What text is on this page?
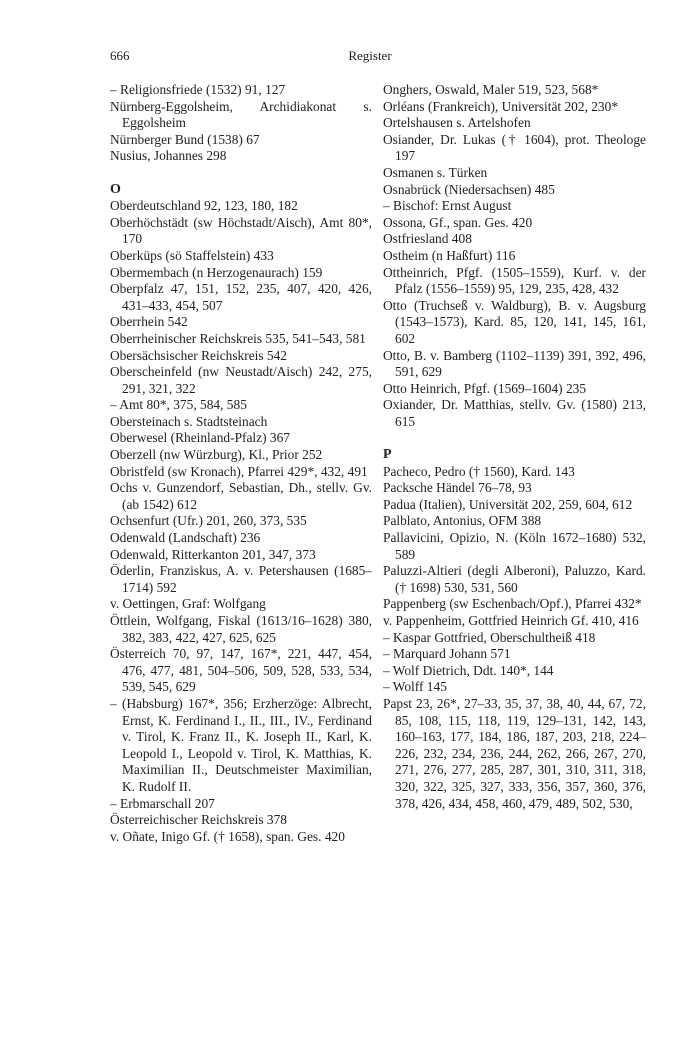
666	Register

– Religionsfriede (1532) 91, 127

Nürnberg-Eggolsheim, Archidiakonat s. Eggolsheim

Nürnberger Bund (1538) 67

Nusius, Johannes 298

O

Oberdeutschland 92, 123, 180, 182

Oberhöchstädt (sw Höchstadt/Aisch), Amt 80*, 170

Oberküps (sö Staffelstein) 433

Obermembach (n Herzogenaurach) 159

Oberpfalz 47, 151, 152, 235, 407, 420, 426, 431–433, 454, 507

Oberrhein 542

Oberrheinischer Reichskreis 535, 541–543, 581

Obersächsischer Reichskreis 542

Oberscheinfeld (nw Neustadt/Aisch) 242, 275, 291, 321, 322

– Amt 80*, 375, 584, 585

Obersteinach s. Stadtsteinach

Oberwesel (Rheinland-Pfalz) 367

Oberzell (nw Würzburg), Kl., Prior 252

Obristfeld (sw Kronach), Pfarrei 429*, 432, 491

Ochs v. Gunzendorf, Sebastian, Dh., stellv. Gv. (ab 1542) 612

Ochsenfurt (Ufr.) 201, 260, 373, 535

Odenwald (Landschaft) 236

Odenwald, Ritterkanton 201, 347, 373

Öderlin, Franziskus, A. v. Petershausen (1685–1714) 592

v. Oettingen, Graf: Wolfgang

Öttlein, Wolfgang, Fiskal (1613/16–1628) 380, 382, 383, 422, 427, 625, 625

Österreich 70, 97, 147, 167*, 221, 447, 454, 476, 477, 481, 504–506, 509, 528, 533, 534, 539, 545, 629

– (Habsburg) 167*, 356; Erzherzöge: Albrecht, Ernst, K. Ferdinand I., II., III., IV., Ferdinand v. Tirol, K. Franz II., K. Joseph II., Karl, K. Leopold I., Leopold v. Tirol, K. Matthias, K. Maximilian II., Deutschmeister Maximilian, K. Rudolf II.

– Erbmarschall 207

Österreichischer Reichskreis 378

v. Oñate, Inigo Gf. († 1658), span. Ges. 420

Onghers, Oswald, Maler 519, 523, 568*

Orléans (Frankreich), Universität 202, 230*

Ortelshausen s. Artelshofen

Osiander, Dr. Lukas († 1604), prot. Theologe 197

Osmanen s. Türken

Osnabrück (Niedersachsen) 485

– Bischof: Ernst August

Ossona, Gf., span. Ges. 420

Ostfriesland 408

Ostheim (n Haßfurt) 116

Ottheinrich, Pfgf. (1505–1559), Kurf. v. der Pfalz (1556–1559) 95, 129, 235, 428, 432

Otto (Truchseß v. Waldburg), B. v. Augsburg (1543–1573), Kard. 85, 120, 141, 145, 161, 602

Otto, B. v. Bamberg (1102–1139) 391, 392, 496, 591, 629

Otto Heinrich, Pfgf. (1569–1604) 235

Oxiander, Dr. Matthias, stellv. Gv. (1580) 213, 615

P

Pacheco, Pedro († 1560), Kard. 143

Packsche Händel 76–78, 93

Padua (Italien), Universität 202, 259, 604, 612

Palblato, Antonius, OFM 388

Pallavicini, Opizio, N. (Köln 1672–1680) 532, 589

Paluzzi-Altieri (degli Alberoni), Paluzzo, Kard. († 1698) 530, 531, 560

Pappenberg (sw Eschenbach/Opf.), Pfarrei 432*

v. Pappenheim, Gottfried Heinrich Gf. 410, 416

– Kaspar Gottfried, Oberschultheiß 418

– Marquard Johann 571

– Wolf Dietrich, Ddt. 140*, 144

– Wolff 145

Papst 23, 26*, 27–33, 35, 37, 38, 40, 44, 67, 72, 85, 108, 115, 118, 119, 129–131, 142, 143, 160–163, 177, 184, 186, 187, 203, 218, 224–226, 232, 234, 236, 244, 262, 266, 267, 270, 271, 276, 277, 285, 287, 301, 310, 311, 318, 320, 322, 325, 327, 333, 356, 357, 360, 376, 378, 426, 434, 458, 460, 479, 489, 502, 530,
